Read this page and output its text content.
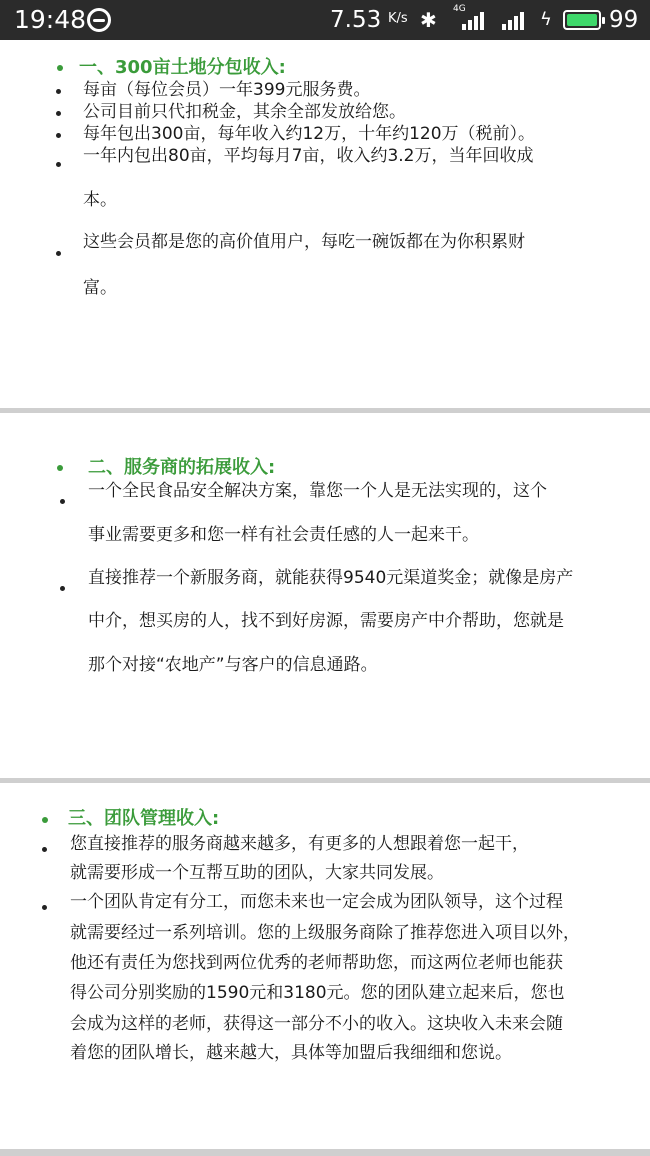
19:48	7.53 K/s ✱ 4G	ϟ 99
一、300亩土地分包收入:
每亩（每位会员）一年399元服务费。
公司目前只代扣税金，其余全部发放给您。
每年包出300亩，每年收入约12万，十年约120万（税前）。
一年内包出80亩，平均每月7亩，收入约3.2万，当年回收成
本。
这些会员都是您的高价值用户，每吃一碗饭都在为你积累财
富。
二、服务商的拓展收入:
一个全民食品安全解决方案，靠您一个人是无法实现的，这个
事业需要更多和您一样有社会责任感的人一起来干。
直接推荐一个新服务商，就能获得9540元渠道奖金；就像是房产
中介，想买房的人，找不到好房源，需要房产中介帮助，您就是
那个对接“农地产”与客户的信息通路。
三、团队管理收入:
您直接推荐的服务商越来越多，有更多的人想跟着您一起干，
就需要形成一个互帮互助的团队，大家共同发展。
一个团队肯定有分工，而您未来也一定会成为团队领导，这个过程
就需要经过一系列培训。您的上级服务商除了推荐您进入项目以外，
他还有责任为您找到两位优秀的老师帮助您，而这两位老师也能获
得公司分别奖励的1590元和3180元。您的团队建立起来后，您也
会成为这样的老师，获得这一部分不小的收入。这块收入未来会随
着您的团队增长，越来越大，具体等加盟后我细细和您说。
